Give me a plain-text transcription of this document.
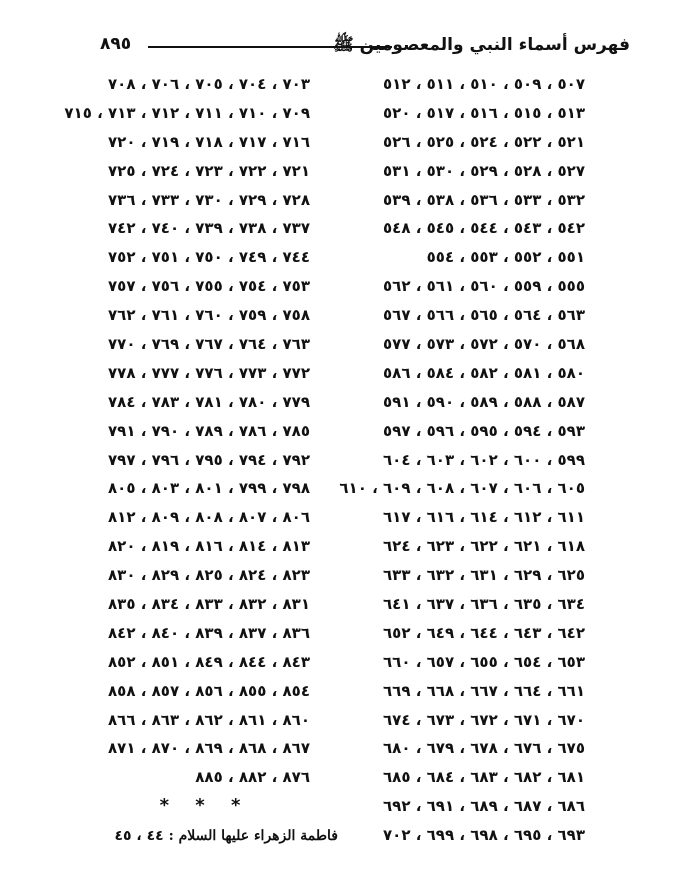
فهرس أسماء النبي والمعصومين ﷺ
٨٩٥
٥٠٧ ، ٥٠٩ ، ٥١٠ ، ٥١١ ، ٥١٢
٥١٣ ، ٥١٥ ، ٥١٦ ، ٥١٧ ، ٥٢٠
٥٢١ ، ٥٢٢ ، ٥٢٤ ، ٥٢٥ ، ٥٢٦
٥٢٧ ، ٥٢٨ ، ٥٢٩ ، ٥٣٠ ، ٥٣١
٥٣٢ ، ٥٣٣ ، ٥٣٦ ، ٥٣٨ ، ٥٣٩
٥٤٢ ، ٥٤٣ ، ٥٤٤ ، ٥٤٥ ، ٥٤٨
٥٥١ ، ٥٥٢ ، ٥٥٣ ، ٥٥٤
٥٥٥ ، ٥٥٩ ، ٥٦٠ ، ٥٦١ ، ٥٦٢
٥٦٣ ، ٥٦٤ ، ٥٦٥ ، ٥٦٦ ، ٥٦٧
٥٦٨ ، ٥٧٠ ، ٥٧٢ ، ٥٧٣ ، ٥٧٧
٥٨٠ ، ٥٨١ ، ٥٨٢ ، ٥٨٤ ، ٥٨٦
٥٨٧ ، ٥٨٨ ، ٥٨٩ ، ٥٩٠ ، ٥٩١
٥٩٣ ، ٥٩٤ ، ٥٩٥ ، ٥٩٦ ، ٥٩٧
٥٩٩ ، ٦٠٠ ، ٦٠٢ ، ٦٠٣ ، ٦٠٤
٦٠٥ ، ٦٠٦ ، ٦٠٧ ، ٦٠٨ ، ٦٠٩ ، ٦١٠
٦١١ ، ٦١٢ ، ٦١٤ ، ٦١٦ ، ٦١٧
٦١٨ ، ٦٢١ ، ٦٢٢ ، ٦٢٣ ، ٦٢٤
٦٢٥ ، ٦٢٩ ، ٦٣١ ، ٦٣٢ ، ٦٣٣
٦٣٤ ، ٦٣٥ ، ٦٣٦ ، ٦٣٧ ، ٦٤١
٦٤٢ ، ٦٤٣ ، ٦٤٤ ، ٦٤٩ ، ٦٥٢
٦٥٣ ، ٦٥٤ ، ٦٥٥ ، ٦٥٧ ، ٦٦٠
٦٦١ ، ٦٦٤ ، ٦٦٧ ، ٦٦٨ ، ٦٦٩
٦٧٠ ، ٦٧١ ، ٦٧٢ ، ٦٧٣ ، ٦٧٤
٦٧٥ ، ٦٧٦ ، ٦٧٨ ، ٦٧٩ ، ٦٨٠
٦٨١ ، ٦٨٢ ، ٦٨٣ ، ٦٨٤ ، ٦٨٥
٦٨٦ ، ٦٨٧ ، ٦٨٩ ، ٦٩١ ، ٦٩٢
٦٩٣ ، ٦٩٥ ، ٦٩٨ ، ٦٩٩ ، ٧٠٢
٧٠٣ ، ٧٠٤ ، ٧٠٥ ، ٧٠٦ ، ٧٠٨
٧٠٩ ، ٧١٠ ، ٧١١ ، ٧١٢ ، ٧١٣ ، ٧١٥
٧١٦ ، ٧١٧ ، ٧١٨ ، ٧١٩ ، ٧٢٠
٧٢١ ، ٧٢٢ ، ٧٢٣ ، ٧٢٤ ، ٧٢٥
٧٢٨ ، ٧٢٩ ، ٧٣٠ ، ٧٣٣ ، ٧٣٦
٧٣٧ ، ٧٣٨ ، ٧٣٩ ، ٧٤٠ ، ٧٤٢
٧٤٤ ، ٧٤٩ ، ٧٥٠ ، ٧٥١ ، ٧٥٢
٧٥٣ ، ٧٥٤ ، ٧٥٥ ، ٧٥٦ ، ٧٥٧
٧٥٨ ، ٧٥٩ ، ٧٦٠ ، ٧٦١ ، ٧٦٢
٧٦٣ ، ٧٦٤ ، ٧٦٧ ، ٧٦٩ ، ٧٧٠
٧٧٢ ، ٧٧٣ ، ٧٧٦ ، ٧٧٧ ، ٧٧٨
٧٧٩ ، ٧٨٠ ، ٧٨١ ، ٧٨٣ ، ٧٨٤
٧٨٥ ، ٧٨٦ ، ٧٨٩ ، ٧٩٠ ، ٧٩١
٧٩٢ ، ٧٩٤ ، ٧٩٥ ، ٧٩٦ ، ٧٩٧
٧٩٨ ، ٧٩٩ ، ٨٠١ ، ٨٠٣ ، ٨٠٥
٨٠٦ ، ٨٠٧ ، ٨٠٨ ، ٨٠٩ ، ٨١٢
٨١٣ ، ٨١٤ ، ٨١٦ ، ٨١٩ ، ٨٢٠
٨٢٣ ، ٨٢٤ ، ٨٢٥ ، ٨٢٩ ، ٨٣٠
٨٣١ ، ٨٣٢ ، ٨٣٣ ، ٨٣٤ ، ٨٣٥
٨٣٦ ، ٨٣٧ ، ٨٣٩ ، ٨٤٠ ، ٨٤٢
٨٤٣ ، ٨٤٤ ، ٨٤٩ ، ٨٥١ ، ٨٥٢
٨٥٤ ، ٨٥٥ ، ٨٥٦ ، ٨٥٧ ، ٨٥٨
٨٦٠ ، ٨٦١ ، ٨٦٢ ، ٨٦٣ ، ٨٦٦
٨٦٧ ، ٨٦٨ ، ٨٦٩ ، ٨٧٠ ، ٨٧١
٨٧٦ ، ٨٨٢ ، ٨٨٥
* * *
فاطمة الزهراء عليها السلام : ٤٤ ، ٤٥
